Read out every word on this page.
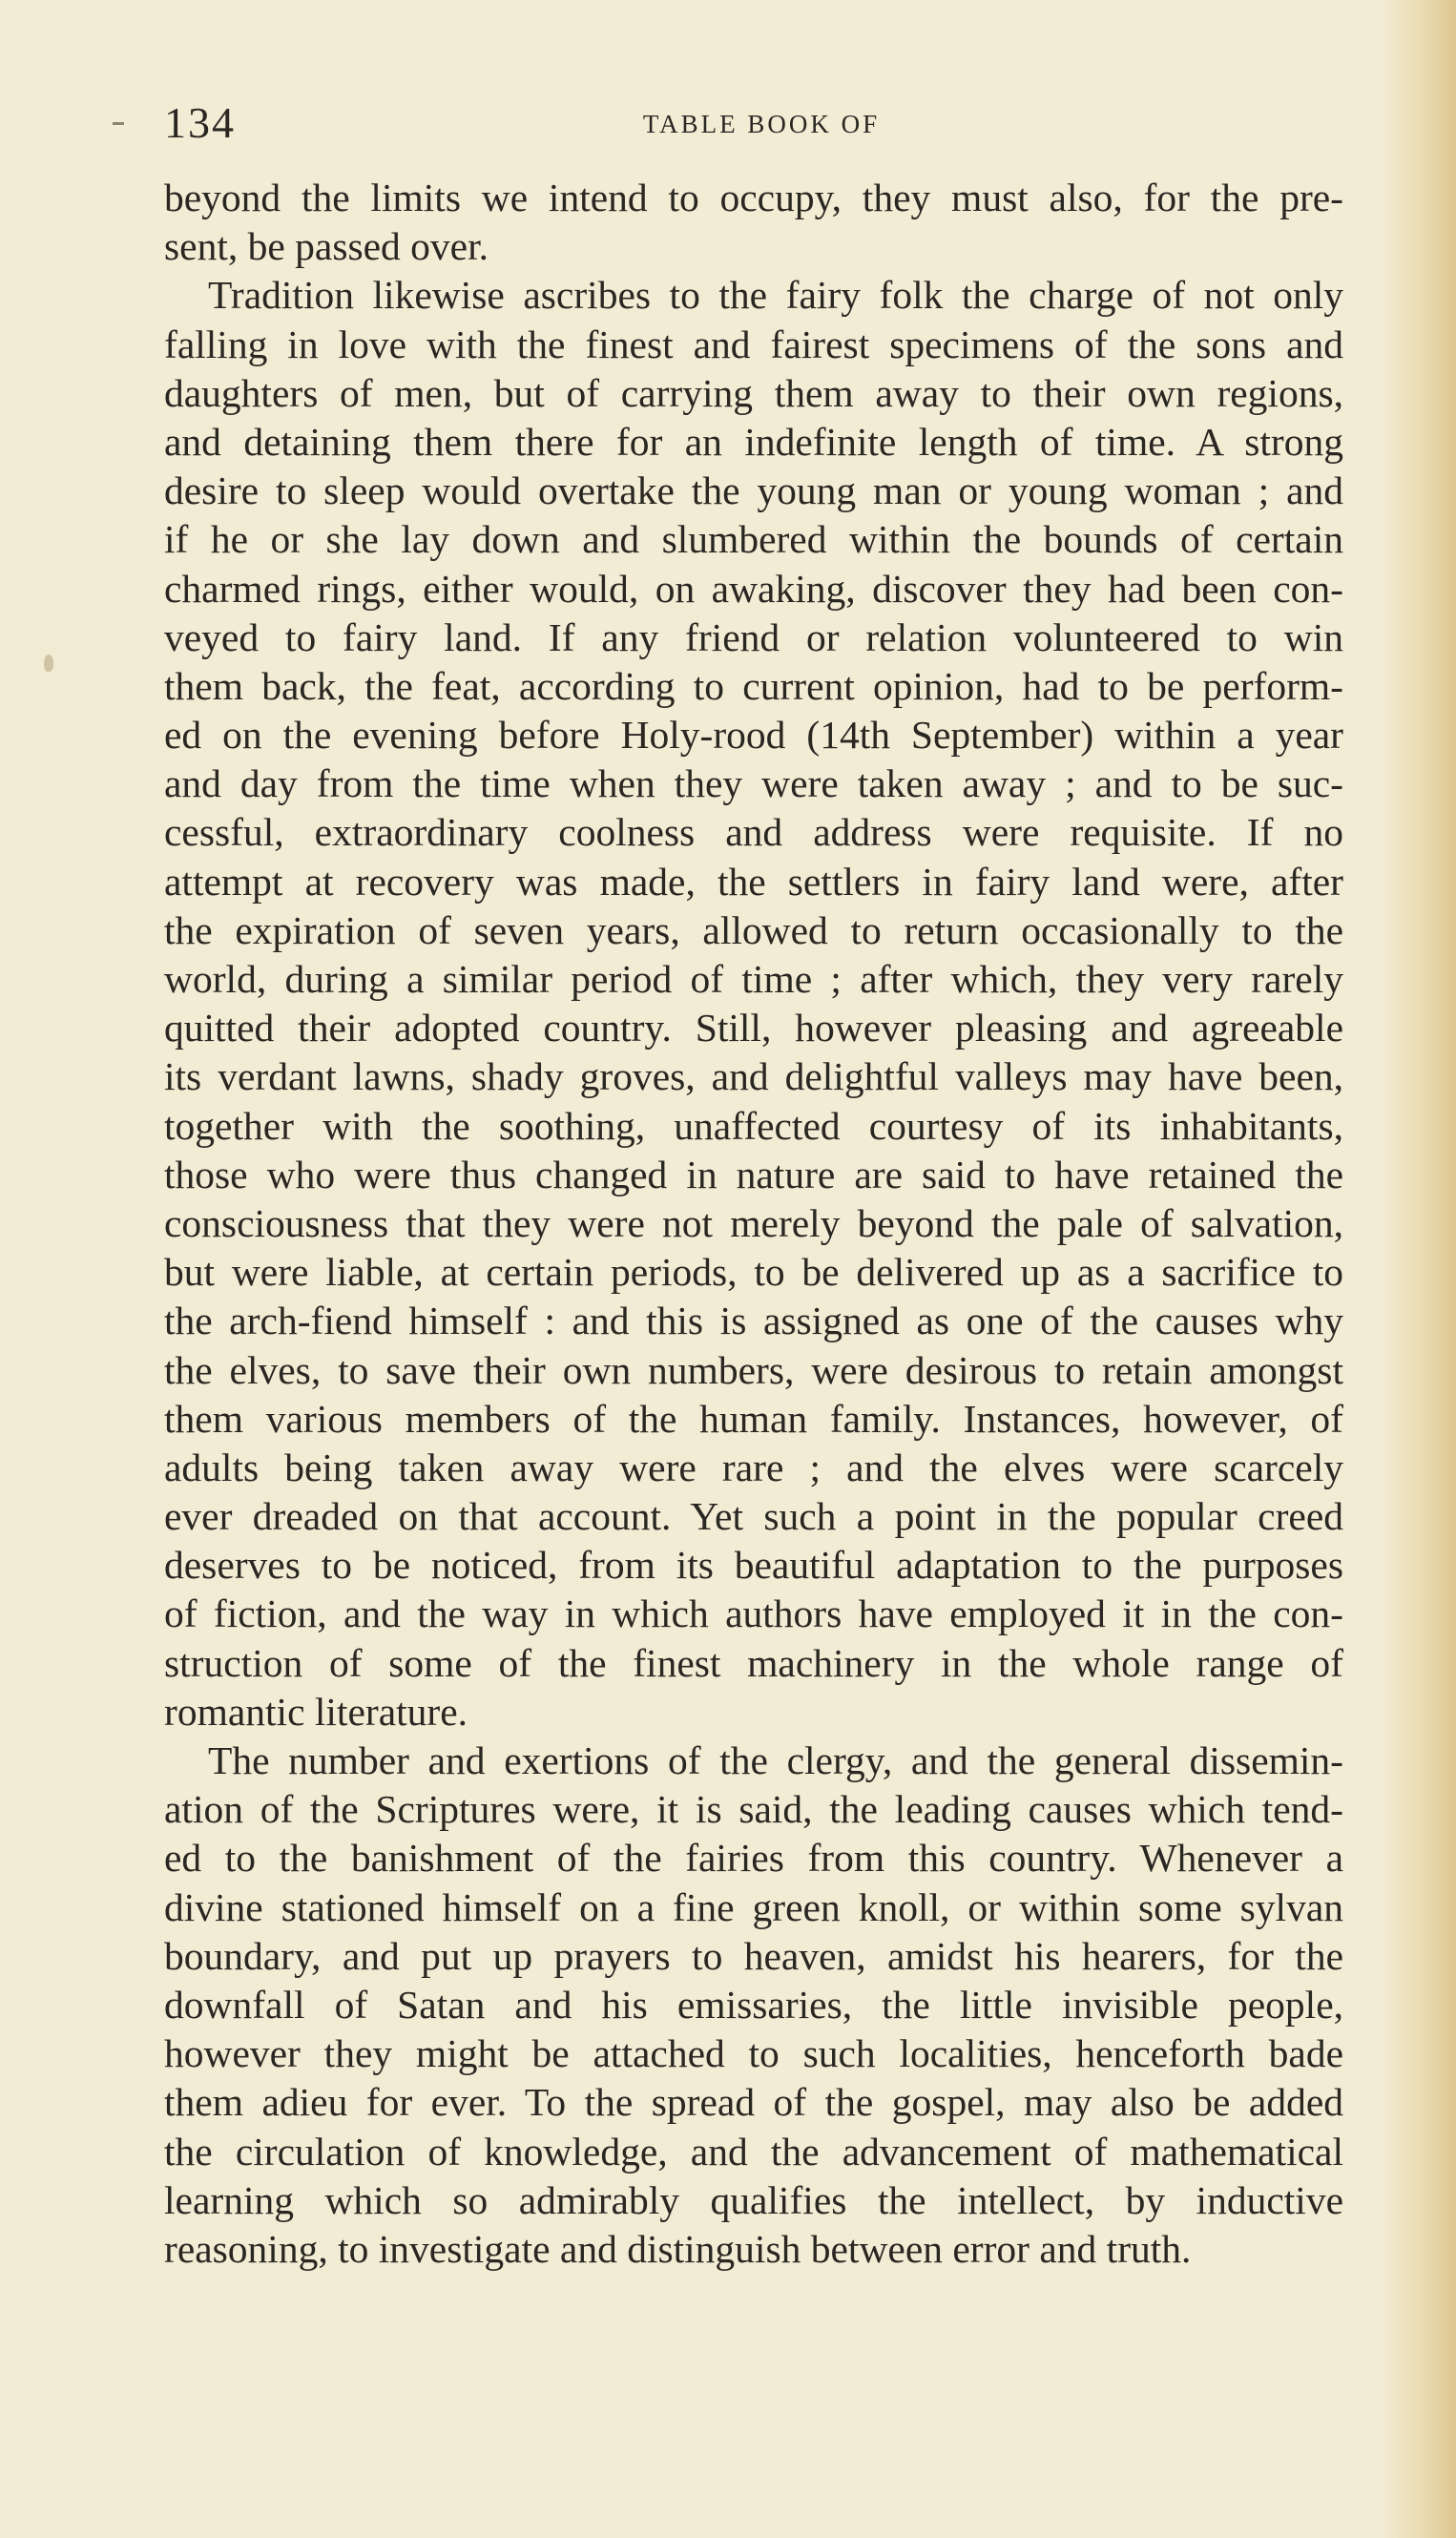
134	TABLE BOOK OF
beyond the limits we intend to occupy, they must also, for the pre-
sent, be passed over.
Tradition likewise ascribes to the fairy folk the charge of not only
falling in love with the finest and fairest specimens of the sons and
daughters of men, but of carrying them away to their own regions,
and detaining them there for an indefinite length of time. A strong
desire to sleep would overtake the young man or young woman ; and
if he or she lay down and slumbered within the bounds of certain
charmed rings, either would, on awaking, discover they had been con-
veyed to fairy land. If any friend or relation volunteered to win
them back, the feat, according to current opinion, had to be perform-
ed on the evening before Holy-rood (14th September) within a year
and day from the time when they were taken away ; and to be suc-
cessful, extraordinary coolness and address were requisite. If no
attempt at recovery was made, the settlers in fairy land were, after
the expiration of seven years, allowed to return occasionally to the
world, during a similar period of time ; after which, they very rarely
quitted their adopted country. Still, however pleasing and agreeable
its verdant lawns, shady groves, and delightful valleys may have been,
together with the soothing, unaffected courtesy of its inhabitants,
those who were thus changed in nature are said to have retained the
consciousness that they were not merely beyond the pale of salvation,
but were liable, at certain periods, to be delivered up as a sacrifice to
the arch-fiend himself : and this is assigned as one of the causes why
the elves, to save their own numbers, were desirous to retain amongst
them various members of the human family. Instances, however, of
adults being taken away were rare ; and the elves were scarcely
ever dreaded on that account. Yet such a point in the popular creed
deserves to be noticed, from its beautiful adaptation to the purposes
of fiction, and the way in which authors have employed it in the con-
struction of some of the finest machinery in the whole range of
romantic literature.
The number and exertions of the clergy, and the general dissemin-
ation of the Scriptures were, it is said, the leading causes which tend-
ed to the banishment of the fairies from this country. Whenever a
divine stationed himself on a fine green knoll, or within some sylvan
boundary, and put up prayers to heaven, amidst his hearers, for the
downfall of Satan and his emissaries, the little invisible people,
however they might be attached to such localities, henceforth bade
them adieu for ever. To the spread of the gospel, may also be added
the circulation of knowledge, and the advancement of mathematical
learning which so admirably qualifies the intellect, by inductive
reasoning, to investigate and distinguish between error and truth.
